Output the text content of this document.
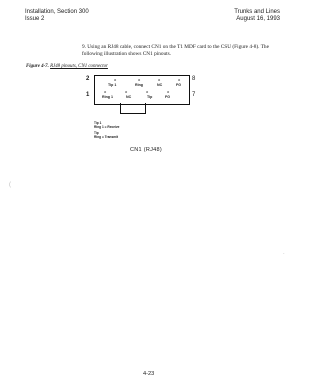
Installation, Section 300
Issue 2
Trunks and Lines
August 16, 1993
9. Using an RJ48 cable, connect CN1 on the T1 MDF card to the CSU (Figure 4-8). The following illustration shows CN1 pinouts.
Figure 4-7. RJ48 pinouts, CN1 connector
2
1
8
7
o	o	o	o
Tip 1	Ring	NC	FG
o	o	o	o
Ring 1	NC	Tip	FG
Tip 1
Ring 1 = Receive
Tip
Ring = Transmit
CN1 (RJ48)
(
.
4-23
